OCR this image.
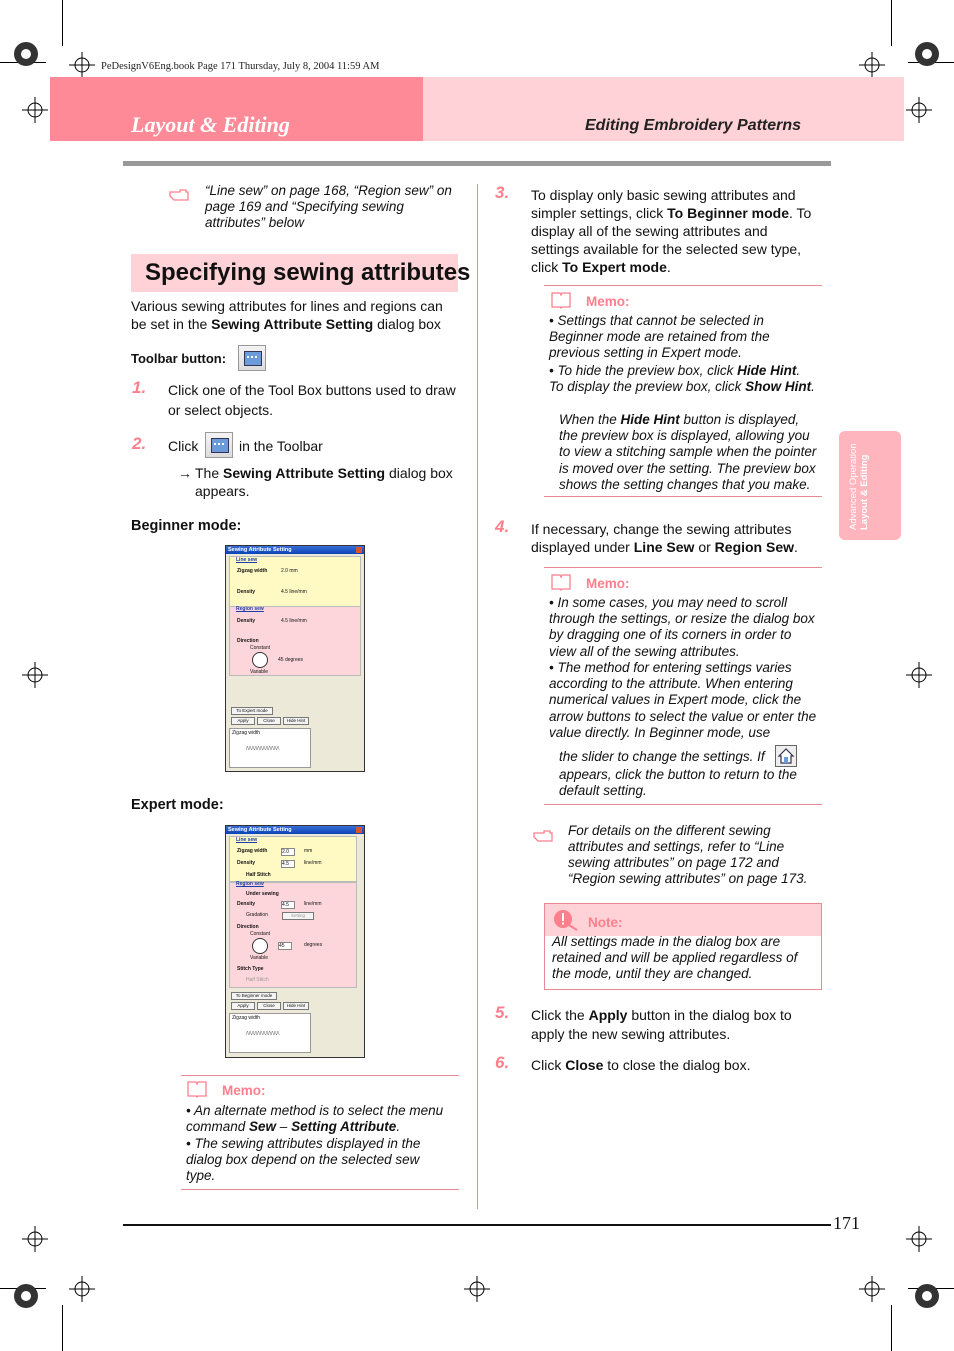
PeDesignV6Eng.book Page 171 Thursday, July 8, 2004 11:59 AM
Layout & Editing	Editing Embroidery Patterns
“Line sew” on page 168, “Region sew” on page 169 and “Specifying sewing attributes” below
Specifying sewing attributes
Various sewing attributes for lines and regions can be set in the Sewing Attribute Setting dialog box
Toolbar button:
1. Click one of the Tool Box buttons used to draw or select objects.
2. Click	in the Toolbar
→ The Sewing Attribute Setting dialog box appears.
Beginner mode:
Sewing Attribute Setting
Line sew
Zigzag width	2.0 mm
Density	4.5 line/mm
Region sew
Density	4.5 line/mm
Direction
Constant
45 degrees
Variable
To Expert mode
Apply	Close	Hide Hint
Zigzag width
/\/\/\/\/\/\/\/\/\/\/\/\
Expert mode:
Sewing Attribute Setting
Line sew
Zigzag width	2.0	mm
Density	4.5	line/mm
Half Stitch
Region sew
Under sewing
Density	4.5	line/mm
Gradation	Setting
Direction
Constant
45	degrees
Variable
Stitch Type
Half Stitch
To Beginner mode
Apply	Close	Hide Hint
Zigzag width
/\/\/\/\/\/\/\/\/\/\/\/\
Memo:
• An alternate method is to select the menu command Sew – Setting Attribute.
• The sewing attributes displayed in the dialog box depend on the selected sew type.
3. To display only basic sewing attributes and simpler settings, click To Beginner mode. To display all of the sewing attributes and settings available for the selected sew type, click To Expert mode.
Memo:
• Settings that cannot be selected in Beginner mode are retained from the previous setting in Expert mode.
• To hide the preview box, click Hide Hint. To display the preview box, click Show Hint.
When the Hide Hint button is displayed, the preview box is displayed, allowing you to view a stitching sample when the pointer is moved over the setting. The preview box shows the setting changes that you make.
4. If necessary, change the sewing attributes displayed under Line Sew or Region Sew.
Memo:
• In some cases, you may need to scroll through the settings, or resize the dialog box by dragging one of its corners in order to view all of the sewing attributes.
• The method for entering settings varies according to the attribute. When entering numerical values in Expert mode, click the arrow buttons to select the value or enter the value directly. In Beginner mode, use
the slider to change the settings. If
appears, click the button to return to the default setting.
For details on the different sewing attributes and settings, refer to “Line sewing attributes” on page 172 and “Region sewing attributes” on page 173.
Note:
All settings made in the dialog box are retained and will be applied regardless of the mode, until they are changed.
5. Click the Apply button in the dialog box to apply the new sewing attributes.
6. Click Close to close the dialog box.
Advanced Operation Layout & Editing
171
